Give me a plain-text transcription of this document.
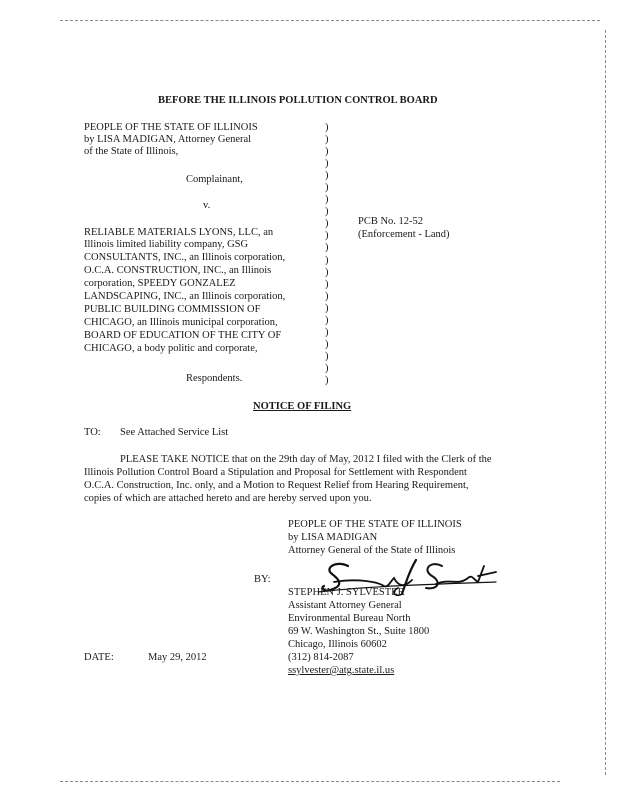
BEFORE THE ILLINOIS POLLUTION CONTROL BOARD
PEOPLE OF THE STATE OF ILLINOIS
by LISA MADIGAN, Attorney General
of the State of Illinois,
Complainant,
v.
RELIABLE MATERIALS LYONS, LLC, an
Illinois limited liability company, GSG
CONSULTANTS, INC., an Illinois corporation,
O.C.A. CONSTRUCTION, INC., an Illinois
corporation, SPEEDY GONZALEZ
LANDSCAPING, INC., an Illinois corporation,
PUBLIC BUILDING COMMISSION OF
CHICAGO, an Illinois municipal corporation,
BOARD OF EDUCATION OF THE CITY OF
CHICAGO, a body politic and corporate,
Respondents.
)
)
)
)
)
)
)
)
)
)
)
)
)
)
)
)
)
)
)
)
)
)
PCB No. 12-52
(Enforcement - Land)
NOTICE OF FILING
TO: See Attached Service List
PLEASE TAKE NOTICE that on the 29th day of May, 2012 I filed with the Clerk of the
Illinois Pollution Control Board a Stipulation and Proposal for Settlement with Respondent
O.C.A. Construction, Inc. only, and a Motion to Request Relief from Hearing Requirement,
copies of which are attached hereto and are hereby served upon you.
PEOPLE OF THE STATE OF ILLINOIS
by LISA MADIGAN
Attorney General of the State of Illinois
BY:
STEPHEN J. SYLVESTER
Assistant Attorney General
Environmental Bureau North
69 W. Washington St., Suite 1800
Chicago, Illinois 60602
(312) 814-2087
ssylvester@atg.state.il.us
DATE:	May 29, 2012
